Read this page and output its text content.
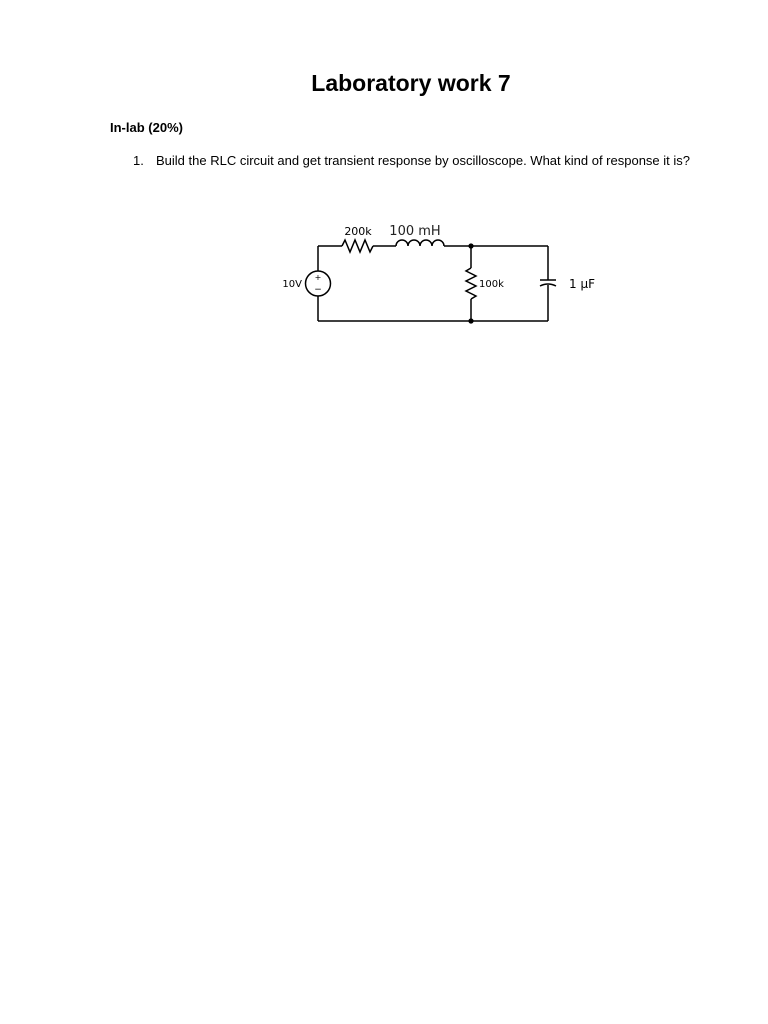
Laboratory work 7
In-lab (20%)
1. Build the RLC circuit and get transient response by oscilloscope. What kind of response it is?
+
−
10V
200k 100 mH
100k	1 μF
